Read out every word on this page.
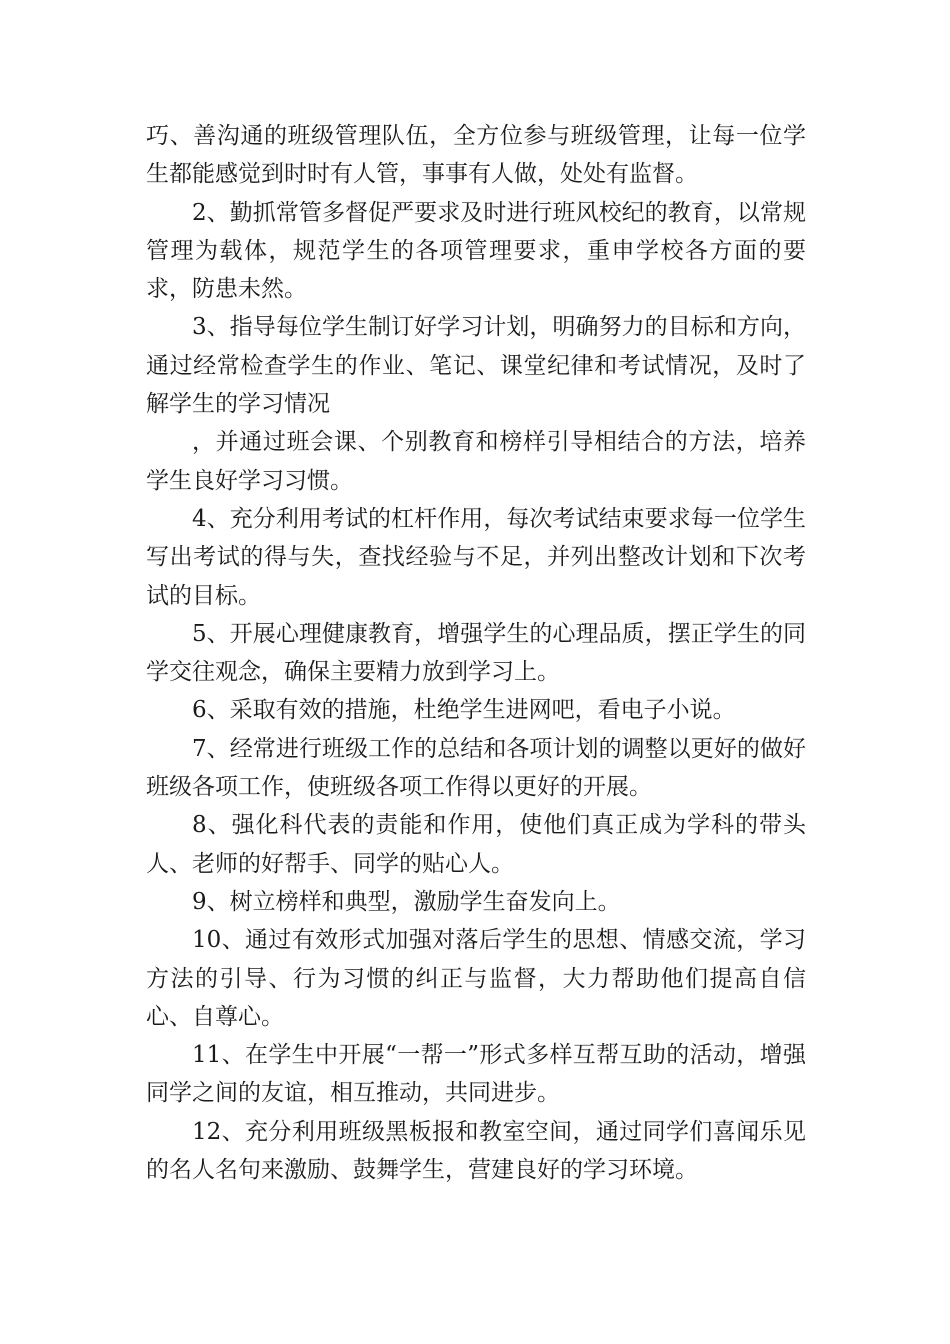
巧、善沟通的班级管理队伍，全方位参与班级管理，让每一位学生都能感觉到时时有人管，事事有人做，处处有监督。

2、勤抓常管多督促严要求及时进行班风校纪的教育，以常规管理为载体，规范学生的各项管理要求，重申学校各方面的要求，防患未然。

3、指导每位学生制订好学习计划，明确努力的目标和方向，通过经常检查学生的作业、笔记、课堂纪律和考试情况，及时了解学生的学习情况

，并通过班会课、个别教育和榜样引导相结合的方法，培养学生良好学习习惯。

4、充分利用考试的杠杆作用，每次考试结束要求每一位学生写出考试的得与失，查找经验与不足，并列出整改计划和下次考试的目标。

5、开展心理健康教育，增强学生的心理品质，摆正学生的同学交往观念，确保主要精力放到学习上。

6、采取有效的措施，杜绝学生进网吧，看电子小说。

7、经常进行班级工作的总结和各项计划的调整以更好的做好班级各项工作，使班级各项工作得以更好的开展。

8、强化科代表的责能和作用，使他们真正成为学科的带头人、老师的好帮手、同学的贴心人。

9、树立榜样和典型，激励学生奋发向上。

10、通过有效形式加强对落后学生的思想、情感交流，学习方法的引导、行为习惯的纠正与监督，大力帮助他们提高自信心、自尊心。

11、在学生中开展“一帮一”形式多样互帮互助的活动，增强同学之间的友谊，相互推动，共同进步。

12、充分利用班级黑板报和教室空间，通过同学们喜闻乐见的名人名句来激励、鼓舞学生，营建良好的学习环境。
